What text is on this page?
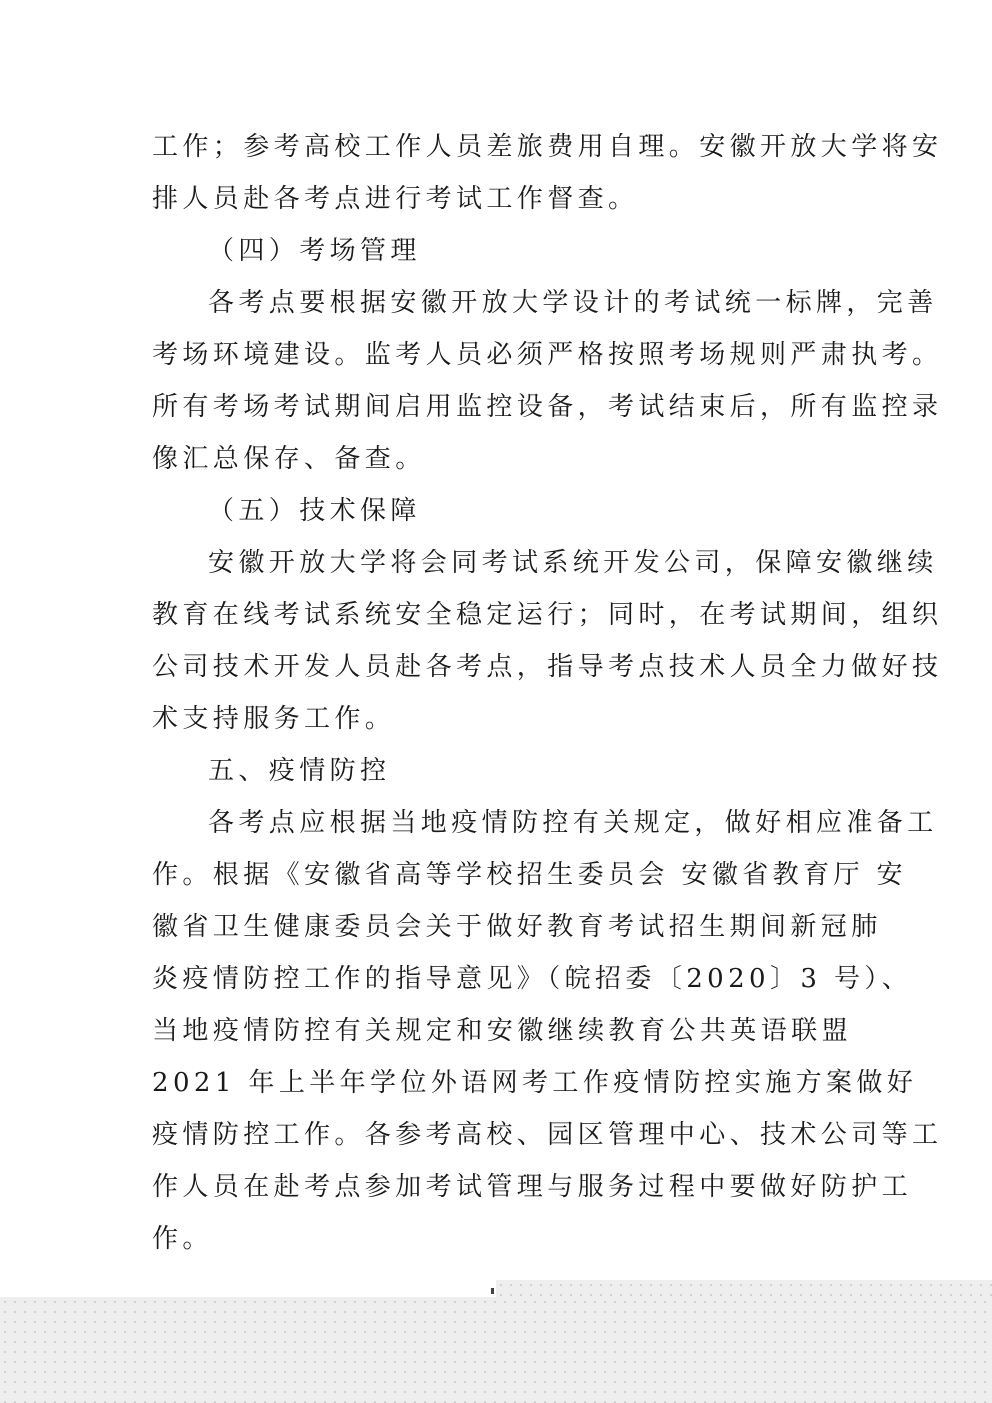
工作；参考高校工作人员差旅费用自理。安徽开放大学将安
排人员赴各考点进行考试工作督查。
（四）考场管理
各考点要根据安徽开放大学设计的考试统一标牌，完善
考场环境建设。监考人员必须严格按照考场规则严肃执考。
所有考场考试期间启用监控设备，考试结束后，所有监控录
像汇总保存、备查。
（五）技术保障
安徽开放大学将会同考试系统开发公司，保障安徽继续
教育在线考试系统安全稳定运行；同时，在考试期间，组织
公司技术开发人员赴各考点，指导考点技术人员全力做好技
术支持服务工作。
五、疫情防控
各考点应根据当地疫情防控有关规定，做好相应准备工
作。根据《安徽省高等学校招生委员会 安徽省教育厅 安
徽省卫生健康委员会关于做好教育考试招生期间新冠肺
炎疫情防控工作的指导意见》（皖招委〔2020〕3 号）、
当地疫情防控有关规定和安徽继续教育公共英语联盟
2021 年上半年学位外语网考工作疫情防控实施方案做好
疫情防控工作。各参考高校、园区管理中心、技术公司等工
作人员在赴考点参加考试管理与服务过程中要做好防护工
作。
